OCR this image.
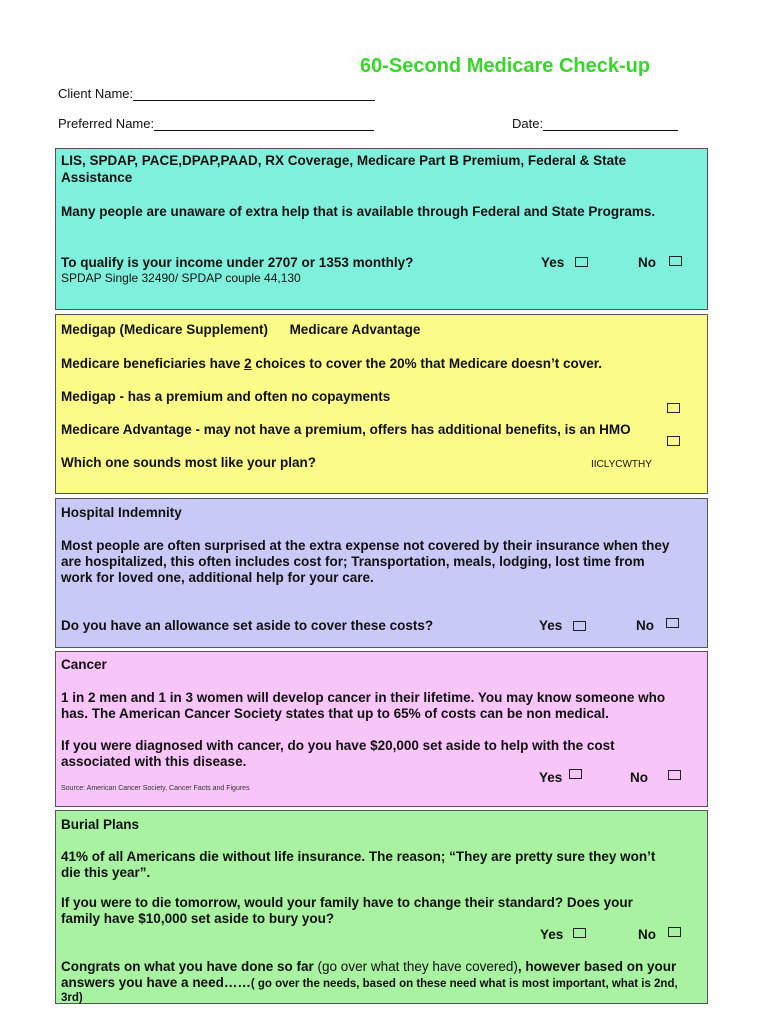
60-Second Medicare Check-up
Client Name:
Preferred Name:	Date:
LIS, SPDAP, PACE,DPAP,PAAD, RX Coverage, Medicare Part B Premium, Federal & State
Assistance
Many people are unaware of extra help that is available through Federal and State Programs.
To qualify is your income under 2707 or 1353 monthly?
SPDAP Single 32490/ SPDAP couple 44,130
Yes	No
Medigap (Medicare Supplement) Medicare Advantage
Medicare beneficiaries have 2 choices to cover the 20% that Medicare doesn’t cover.
Medigap - has a premium and often no copayments
Medicare Advantage - may not have a premium, offers has additional benefits, is an HMO
Which one sounds most like your plan?	IICLYCWTHY
Hospital Indemnity
Most people are often surprised at the extra expense not covered by their insurance when they
are hospitalized, this often includes cost for; Transportation, meals, lodging, lost time from
work for loved one, additional help for your care.
Do you have an allowance set aside to cover these costs?	Yes	No
Cancer
1 in 2 men and 1 in 3 women will develop cancer in their lifetime. You may know someone who
has. The American Cancer Society states that up to 65% of costs can be non medical.
If you were diagnosed with cancer, do you have $20,000 set aside to help with the cost
associated with this disease.
Yes	No
Source: American Cancer Society, Cancer Facts and Figures
Burial Plans
41% of all Americans die without life insurance. The reason; “They are pretty sure they won’t
die this year”.
If you were to die tomorrow, would your family have to change their standard? Does your
family have $10,000 set aside to bury you?
Yes	No
Congrats on what you have done so far (go over what they have covered), however based on your
answers you have a need……( go over the needs, based on these need what is most important, what is 2nd,
3rd)
